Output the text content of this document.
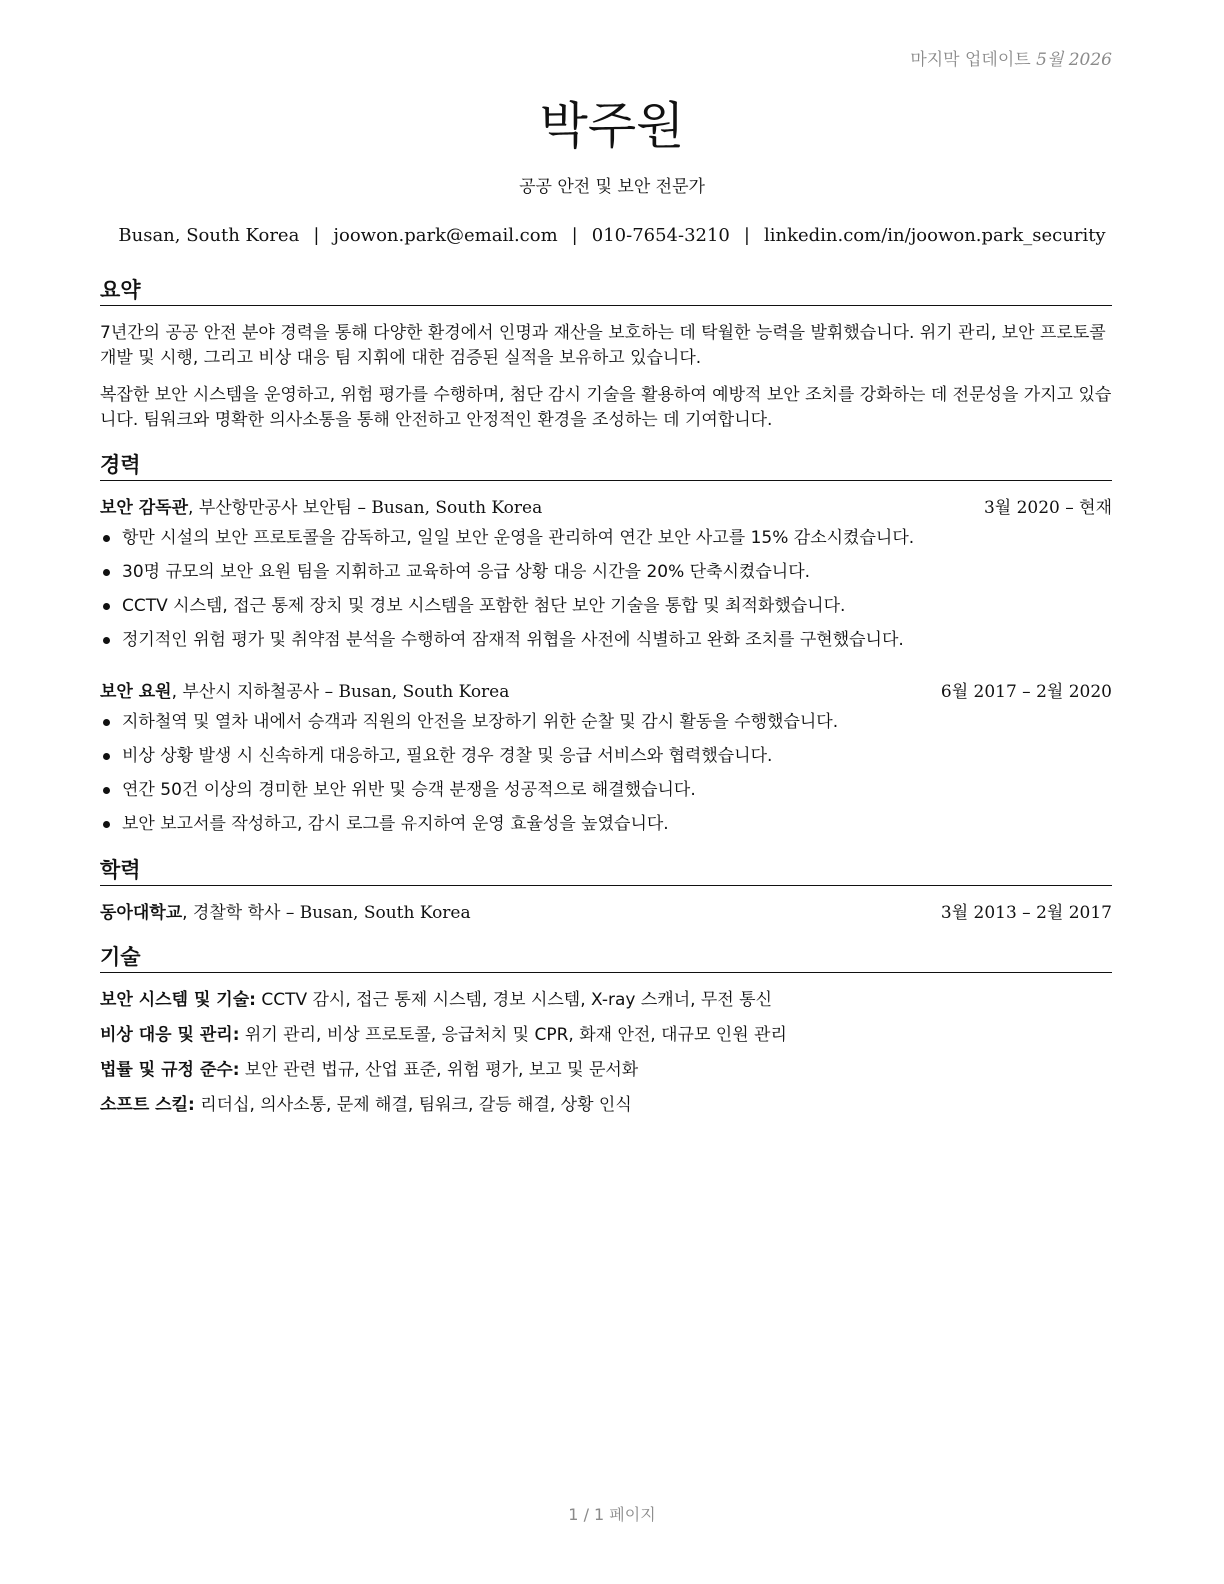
마지막 업데이트 5월 2026
박주원
공공 안전 및 보안 전문가
Busan, South Korea | joowon.park@email.com | 010-7654-3210 | linkedin.com/in/joowon.park_security
요약
7년간의 공공 안전 분야 경력을 통해 다양한 환경에서 인명과 재산을 보호하는 데 탁월한 능력을 발휘했습니다. 위기 관리, 보안 프로토콜 개발 및 시행, 그리고 비상 대응 팀 지휘에 대한 검증된 실적을 보유하고 있습니다.
복잡한 보안 시스템을 운영하고, 위험 평가를 수행하며, 첨단 감시 기술을 활용하여 예방적 보안 조치를 강화하는 데 전문성을 가지고 있습니다. 팀워크와 명확한 의사소통을 통해 안전하고 안정적인 환경을 조성하는 데 기여합니다.
경력
보안 감독관, 부산항만공사 보안팀 – Busan, South Korea	3월 2020 – 현재
항만 시설의 보안 프로토콜을 감독하고, 일일 보안 운영을 관리하여 연간 보안 사고를 15% 감소시켰습니다.
30명 규모의 보안 요원 팀을 지휘하고 교육하여 응급 상황 대응 시간을 20% 단축시켰습니다.
CCTV 시스템, 접근 통제 장치 및 경보 시스템을 포함한 첨단 보안 기술을 통합 및 최적화했습니다.
정기적인 위험 평가 및 취약점 분석을 수행하여 잠재적 위협을 사전에 식별하고 완화 조치를 구현했습니다.
보안 요원, 부산시 지하철공사 – Busan, South Korea	6월 2017 – 2월 2020
지하철역 및 열차 내에서 승객과 직원의 안전을 보장하기 위한 순찰 및 감시 활동을 수행했습니다.
비상 상황 발생 시 신속하게 대응하고, 필요한 경우 경찰 및 응급 서비스와 협력했습니다.
연간 50건 이상의 경미한 보안 위반 및 승객 분쟁을 성공적으로 해결했습니다.
보안 보고서를 작성하고, 감시 로그를 유지하여 운영 효율성을 높였습니다.
학력
동아대학교, 경찰학 학사 – Busan, South Korea	3월 2013 – 2월 2017
기술
보안 시스템 및 기술: CCTV 감시, 접근 통제 시스템, 경보 시스템, X-ray 스캐너, 무전 통신
비상 대응 및 관리: 위기 관리, 비상 프로토콜, 응급처치 및 CPR, 화재 안전, 대규모 인원 관리
법률 및 규정 준수: 보안 관련 법규, 산업 표준, 위험 평가, 보고 및 문서화
소프트 스킬: 리더십, 의사소통, 문제 해결, 팀워크, 갈등 해결, 상황 인식
1 / 1 페이지
